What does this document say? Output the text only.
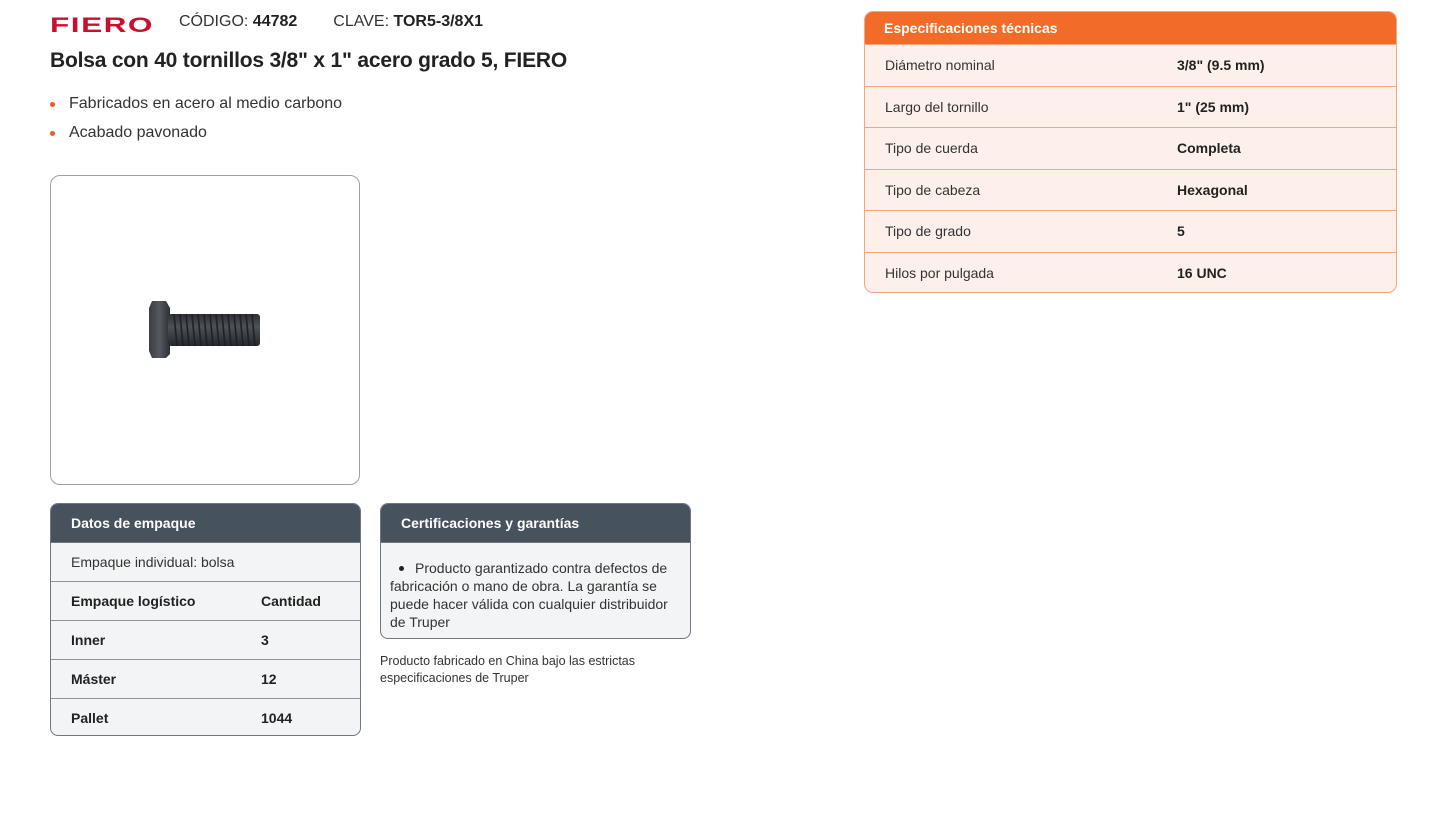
FIERO CÓDIGO: 44782 CLAVE: TOR5-3/8X1
Bolsa con 40 tornillos 3/8" x 1" acero grado 5, FIERO
Fabricados en acero al medio carbono
Acabado pavonado
Datos de empaque
Empaque individual: bolsa
Empaque logístico	Cantidad
Inner	3
Máster	12
Pallet	1044
Certificaciones y garantías
Producto garantizado contra defectos de fabricación o mano de obra. La garantía se puede hacer válida con cualquier distribuidor de Truper
Producto fabricado en China bajo las estrictas especificaciones de Truper
Especificaciones técnicas
Diámetro nominal	3/8" (9.5 mm)
Largo del tornillo	1" (25 mm)
Tipo de cuerda	Completa
Tipo de cabeza	Hexagonal
Tipo de grado	5
Hilos por pulgada	16 UNC
